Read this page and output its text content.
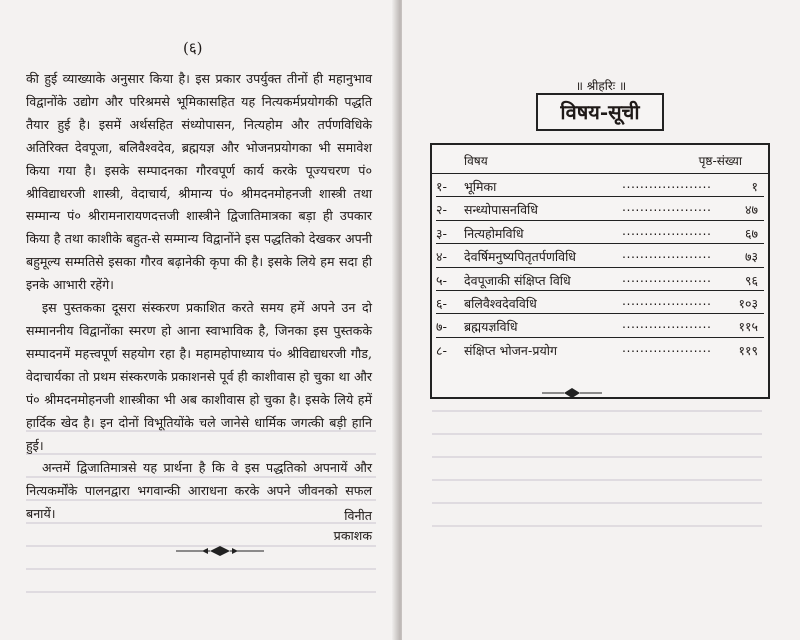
(६)

की हुई व्याख्याके अनुसार किया है। इस प्रकार उपर्युक्त तीनों ही महानुभाव विद्वानोंके उद्योग और परिश्रमसे भूमिकासहित यह नित्यकर्मप्रयोगकी पद्धति तैयार हुई है। इसमें अर्थसहित संध्योपासन, नित्यहोम और तर्पणविधिके अतिरिक्त देवपूजा, बलिवैश्वदेव, ब्रह्मयज्ञ और भोजनप्रयोगका भी समावेश किया गया है। इसके सम्पादनका गौरवपूर्ण कार्य करके पूज्यचरण पं० श्रीविद्याधरजी शास्त्री, वेदाचार्य, श्रीमान्य पं० श्रीमदनमोहनजी शास्त्री तथा सम्मान्य पं० श्रीरामनारायणदत्तजी शास्त्रीने द्विजातिमात्रका बड़ा ही उपकार किया है तथा काशीके बहुत-से सम्मान्य विद्वानोंने इस पद्धतिको देखकर अपनी बहुमूल्य सम्मतिसे इसका गौरव बढ़ानेकी कृपा की है। इसके लिये हम सदा ही इनके आभारी रहेंगे।

इस पुस्तकका दूसरा संस्करण प्रकाशित करते समय हमें अपने उन दो सम्माननीय विद्वानोंका स्मरण हो आना स्वाभाविक है, जिनका इस पुस्तकके सम्पादनमें महत्त्वपूर्ण सहयोग रहा है। महामहोपाध्याय पं० श्रीविद्याधरजी गौड, वेदाचार्यका तो प्रथम संस्करणके प्रकाशनसे पूर्व ही काशीवास हो चुका था और पं० श्रीमदनमोहनजी शास्त्रीका भी अब काशीवास हो चुका है। इसके लिये हमें हार्दिक खेद है। इन दोनों विभूतियोंके चले जानेसे धार्मिक जगत्की बड़ी हानि हुई।

अन्तमें द्विजातिमात्रसे यह प्रार्थना है कि वे इस पद्धतिको अपनायें और नित्यकर्मोंके पालनद्वारा भगवान्की आराधना करके अपने जीवनको सफल बनायें।	विनीत
प्रकाशक
॥ श्रीहरिः ॥
विषय-सूची
विषय	पृष्ठ-संख्या
१-	भूमिका	....................	१
२-	सन्ध्योपासनविधि	....................	४७
३-	नित्यहोमविधि	....................	६७
४-	देवर्षिमनुष्यपितृतर्पणविधि	....................	७३
५-	देवपूजाकी संक्षिप्त विधि	....................	९६
६-	बलिवैश्वदेवविधि	.................... १०३
७-	ब्रह्मयज्ञविधि	.................... ११५
८-	संक्षिप्त भोजन-प्रयोग	.................... ११९
